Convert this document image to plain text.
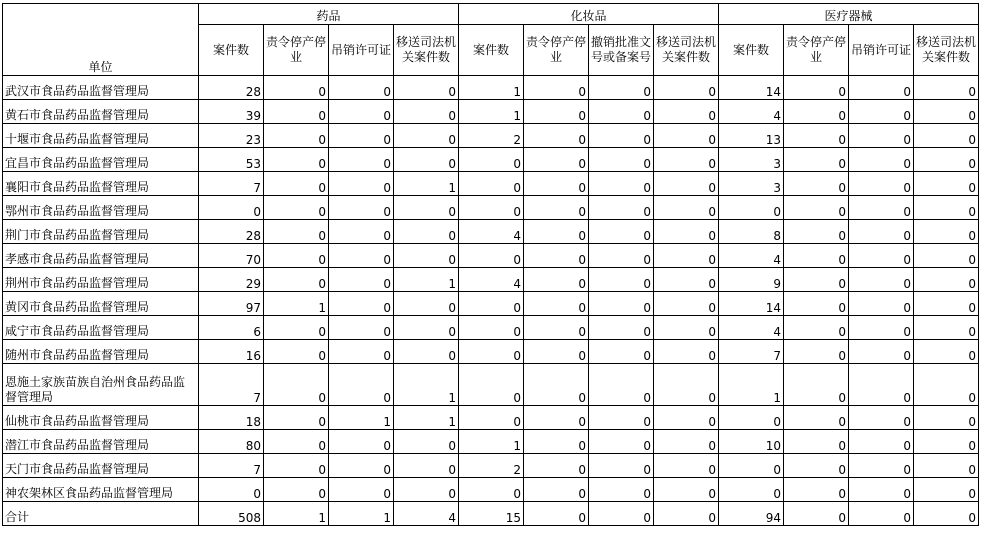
单位	药品				化妆品				医疗器械			
	案件数	责令停产停业	吊销许可证	移送司法机关案件数	案件数	责令停产停业	撤销批准文号或备案号	移送司法机关案件数	案件数	责令停产停业	吊销许可证	移送司法机关案件数
武汉市食品药品监督管理局	28	0	0	0	1	0	0	0	14	0	0	0
黄石市食品药品监督管理局	39	0	0	0	1	0	0	0	4	0	0	0
十堰市食品药品监督管理局	23	0	0	0	2	0	0	0	13	0	0	0
宜昌市食品药品监督管理局	53	0	0	0	0	0	0	0	3	0	0	0
襄阳市食品药品监督管理局	7	0	0	1	0	0	0	0	3	0	0	0
鄂州市食品药品监督管理局	0	0	0	0	0	0	0	0	0	0	0	0
荆门市食品药品监督管理局	28	0	0	0	4	0	0	0	8	0	0	0
孝感市食品药品监督管理局	70	0	0	0	0	0	0	0	4	0	0	0
荆州市食品药品监督管理局	29	0	0	1	4	0	0	0	9	0	0	0
黄冈市食品药品监督管理局	97	1	0	0	0	0	0	0	14	0	0	0
咸宁市食品药品监督管理局	6	0	0	0	0	0	0	0	4	0	0	0
随州市食品药品监督管理局	16	0	0	0	0	0	0	0	7	0	0	0
恩施土家族苗族自治州食品药品监督管理局	7	0	0	1	0	0	0	0	1	0	0	0
仙桃市食品药品监督管理局	18	0	1	1	0	0	0	0	0	0	0	0
潜江市食品药品监督管理局	80	0	0	0	1	0	0	0	10	0	0	0
天门市食品药品监督管理局	7	0	0	0	2	0	0	0	0	0	0	0
神农架林区食品药品监督管理局	0	0	0	0	0	0	0	0	0	0	0	0
合计	508	1	1	4	15	0	0	0	94	0	0	0
